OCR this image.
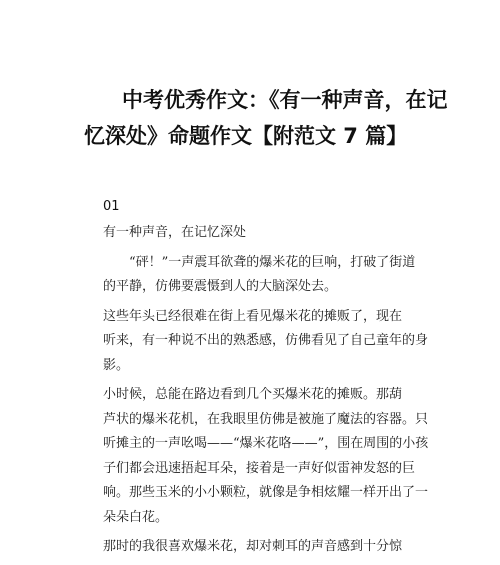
中考优秀作文：《有一种声音，在记
忆深处》命题作文【附范文 7 篇】
01
有一种声音，在记忆深处
“砰！”一声震耳欲聋的爆米花的巨响，打破了街道
的平静，仿佛要震慑到人的大脑深处去。
这些年头已经很难在街上看见爆米花的摊贩了，现在
听来，有一种说不出的熟悉感，仿佛看见了自己童年的身
影。
小时候，总能在路边看到几个买爆米花的摊贩。那葫
芦状的爆米花机，在我眼里仿佛是被施了魔法的容器。只
听摊主的一声吆喝——“爆米花咯——”，围在周围的小孩
子们都会迅速捂起耳朵，接着是一声好似雷神发怒的巨
响。那些玉米的小小颗粒，就像是争相炫耀一样开出了一
朵朵白花。
那时的我很喜欢爆米花，却对刺耳的声音感到十分惊
